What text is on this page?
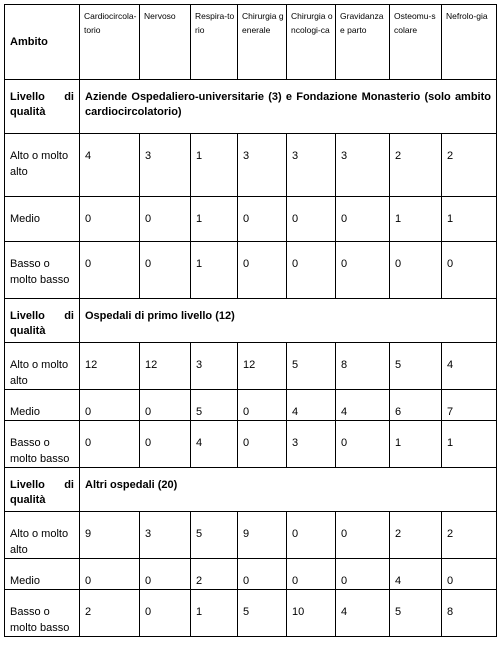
Ambito	Cardiocircola-torio	Nervoso	Respira-torio	Chirurgia generale	Chirurgia oncologi-ca	Gravidanza e parto	Osteomu-scolare	Nefrolo-gia
Livello di qualità	Aziende Ospedaliero-universitarie (3) e Fondazione Monasterio (solo ambito cardiocircolatorio)							
Alto o molto alto	4	3	1	3	3	3	2	2
Medio	0	0	1	0	0	0	1	1
Basso o molto basso	0	0	1	0	0	0	0	0
Livello di qualità	Ospedali di primo livello (12)							
Alto o molto alto	12	12	3	12	5	8	5	4
Medio	0	0	5	0	4	4	6	7
Basso o molto basso	0	0	4	0	3	0	1	1
Livello di qualità	Altri ospedali (20)							
Alto o molto alto	9	3	5	9	0	0	2	2
Medio	0	0	2	0	0	0	4	0
Basso o molto basso	2	0	1	5	10	4	5	8
